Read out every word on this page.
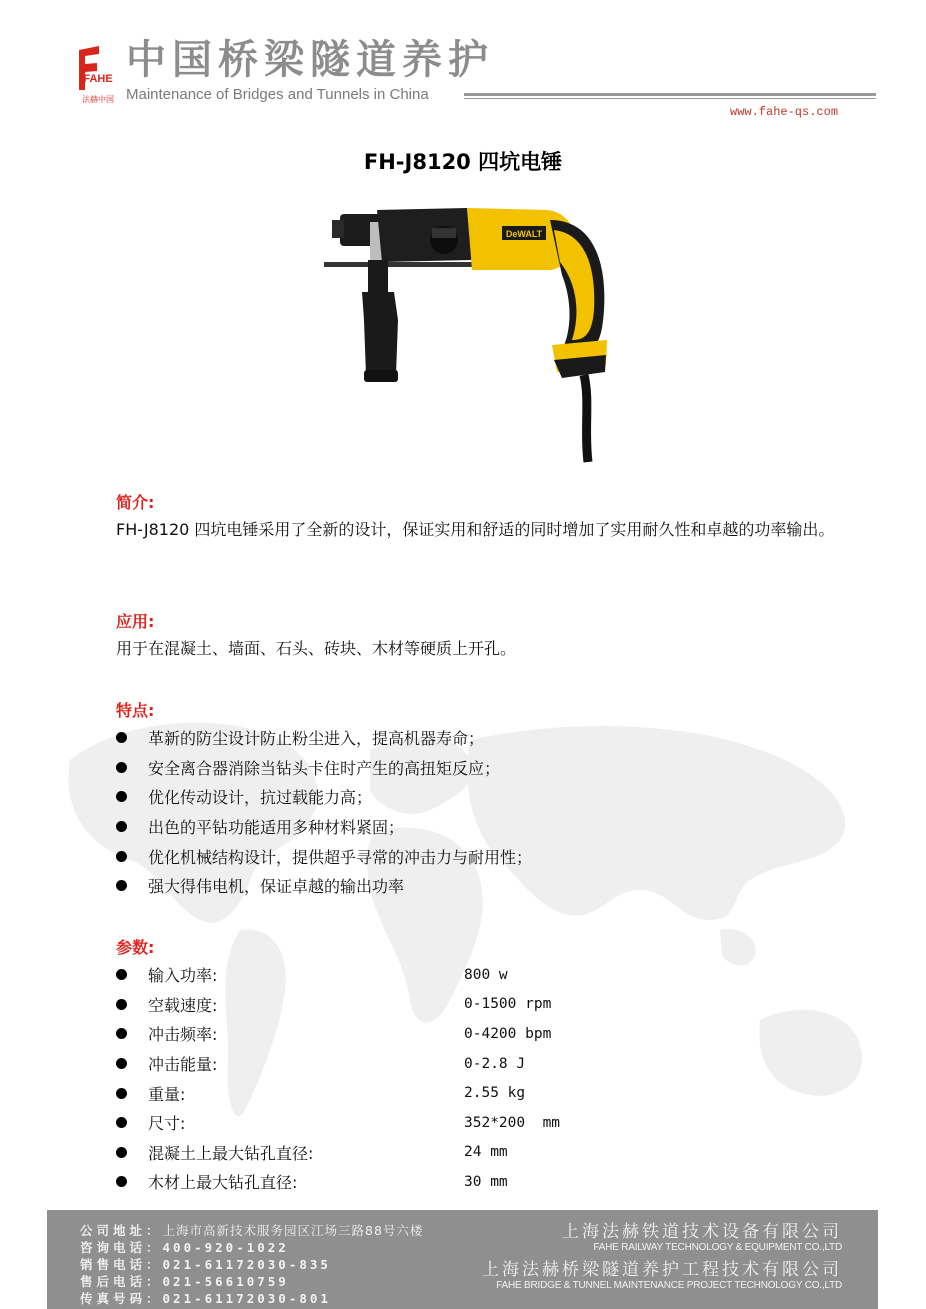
FAHE
法赫中国
中国桥梁隧道养护
Maintenance of Bridges and Tunnels in China
www.fahe-qs.com
FH-J8120 四坑电锤
DeWALT
简介:
FH-J8120 四坑电锤采用了全新的设计，保证实用和舒适的同时增加了实用耐久性和卓越的功率输出。
应用:
用于在混凝土、墙面、石头、砖块、木材等硬质上开孔。
特点:
革新的防尘设计防止粉尘进入，提高机器寿命；
安全离合器消除当钻头卡住时产生的高扭矩反应；
优化传动设计，抗过载能力高；
出色的平钻功能适用多种材料紧固；
优化机械结构设计，提供超乎寻常的冲击力与耐用性；
强大得伟电机，保证卓越的输出功率
参数:
输入功率:	800 w
空载速度:	0-1500 rpm
冲击频率:	0-4200 bpm
冲击能量:	0-2.8 J
重量:	2.55 kg
尺寸:	352*200  mm
混凝土上最大钻孔直径:	24 mm
木材上最大钻孔直径:	30 mm
公司地址：上海市高新技术服务园区江场三路88号六楼
咨询电话：400-920-1022
销售电话：021-61172030-835
售后电话：021-56610759
传真号码：021-61172030-801
上海法赫铁道技术设备有限公司
FAHE RAILWAY TECHNOLOGY & EQUIPMENT CO.,LTD
上海法赫桥梁隧道养护工程技术有限公司
FAHE BRIDGE & TUNNEL MAINTENANCE PROJECT TECHNOLOGY CO.,LTD
